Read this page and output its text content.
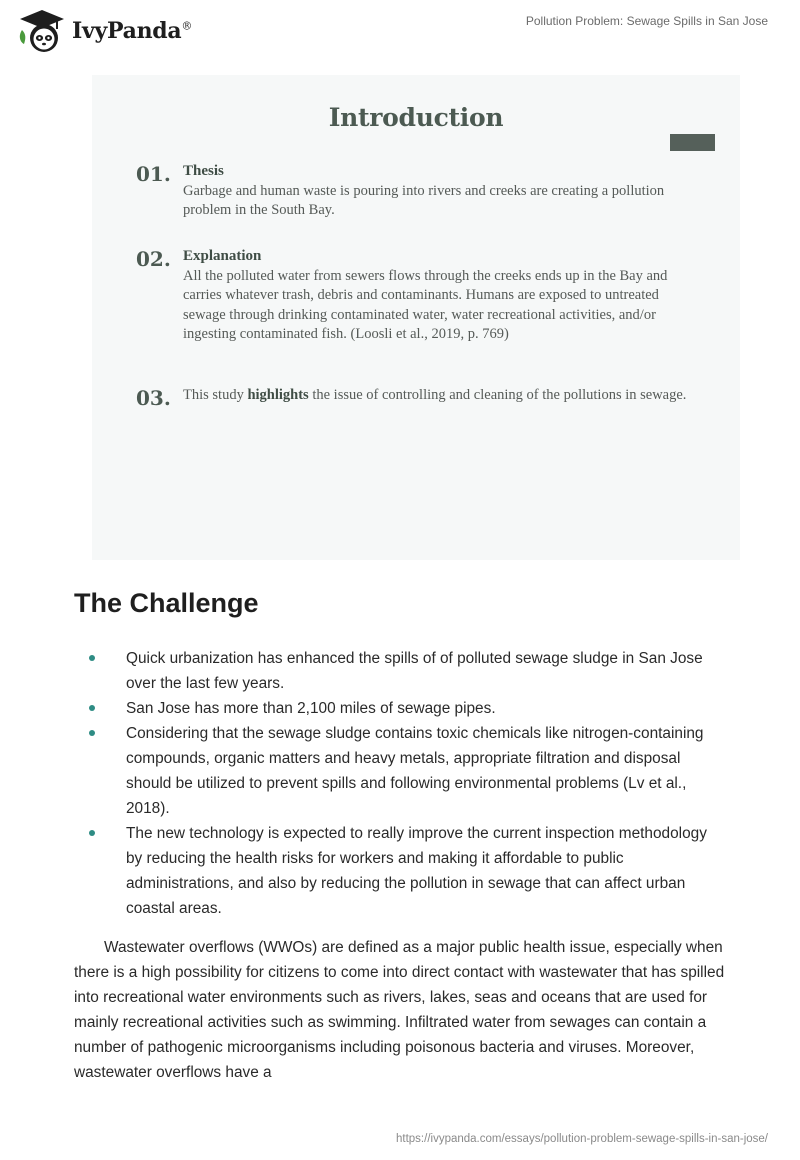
IvyPanda®	Pollution Problem: Sewage Spills in San Jose
Introduction
01. Thesis
Garbage and human waste is pouring into rivers and creeks are creating a pollution problem in the South Bay.
02. Explanation
All the polluted water from sewers flows through the creeks ends up in the Bay and carries whatever trash, debris and contaminants. Humans are exposed to untreated sewage through drinking contaminated water, water recreational activities, and/or ingesting contaminated fish. (Loosli et al., 2019, p. 769)
03. This study highlights the issue of controlling and cleaning of the pollutions in sewage.
The Challenge
Quick urbanization has enhanced the spills of of polluted sewage sludge in San Jose over the last few years.
San Jose has more than 2,100 miles of sewage pipes.
Considering that the sewage sludge contains toxic chemicals like nitrogen-containing compounds, organic matters and heavy metals, appropriate filtration and disposal should be utilized to prevent spills and following environmental problems (Lv et al., 2018).
The new technology is expected to really improve the current inspection methodology by reducing the health risks for workers and making it affordable to public administrations, and also by reducing the pollution in sewage that can affect urban coastal areas.

Wastewater overflows (WWOs) are defined as a major public health issue, especially when there is a high possibility for citizens to come into direct contact with wastewater that has spilled into recreational water environments such as rivers, lakes, seas and oceans that are used for mainly recreational activities such as swimming. Infiltrated water from sewages can contain a number of pathogenic microorganisms including poisonous bacteria and viruses. Moreover, wastewater overflows have a

https://ivypanda.com/essays/pollution-problem-sewage-spills-in-san-jose/
